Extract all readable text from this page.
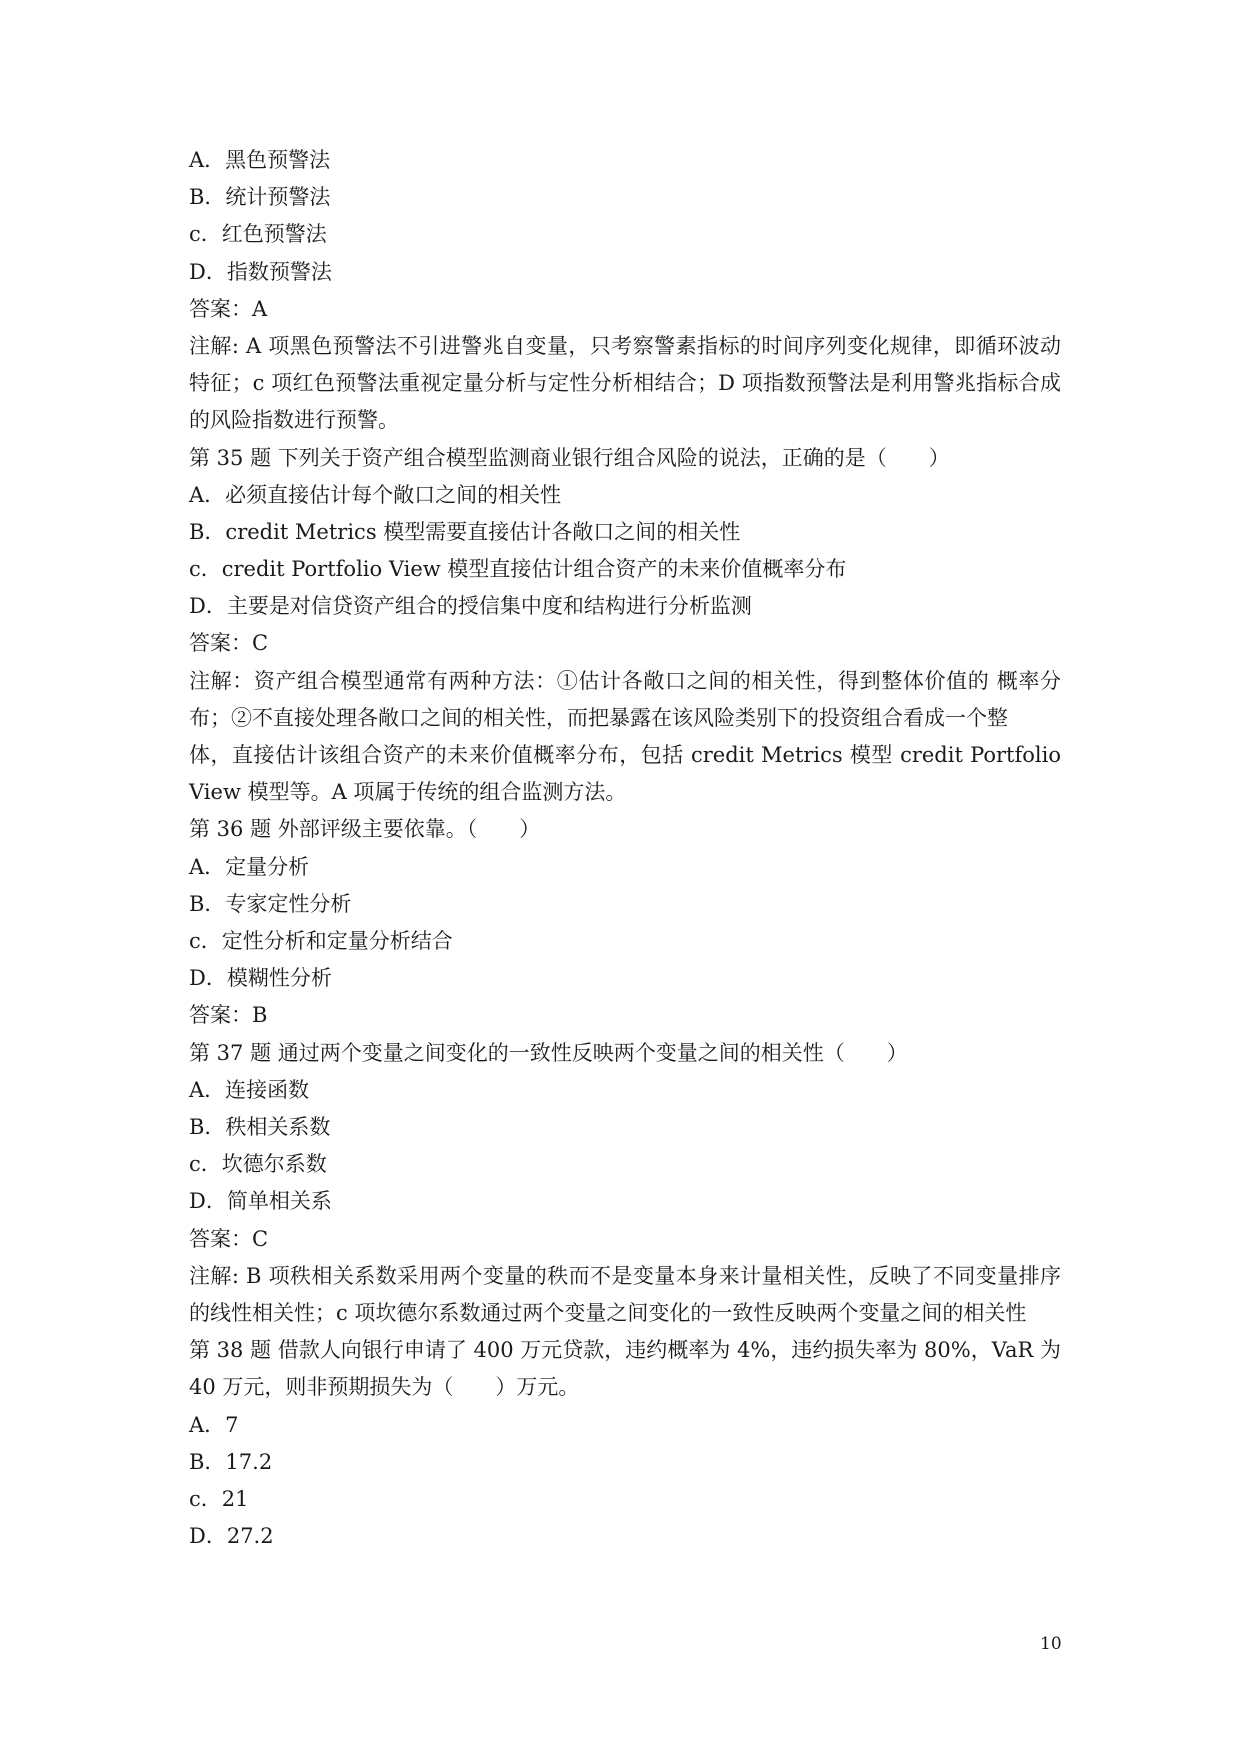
A．黑色预警法
B．统计预警法
c．红色预警法
D．指数预警法
答案：A
注解: A 项黑色预警法不引进警兆自变量，只考察警素指标的时间序列变化规律，即循环波动特征；c 项红色预警法重视定量分析与定性分析相结合；D 项指数预警法是利用警兆指标合成的风险指数进行预警。
第 35 题 下列关于资产组合模型监测商业银行组合风险的说法，正确的是（　　）
A．必须直接估计每个敞口之间的相关性
B．credit Metrics 模型需要直接估计各敞口之间的相关性
c．credit Portfolio View 模型直接估计组合资产的未来价值概率分布
D．主要是对信贷资产组合的授信集中度和结构进行分析监测
答案：C
注解：资产组合模型通常有两种方法：①估计各敞口之间的相关性，得到整体价值的 概率分布；②不直接处理各敞口之间的相关性，而把暴露在该风险类别下的投资组合看成一个整
体，直接估计该组合资产的未来价值概率分布，包括 credit Metrics 模型 credit Portfolio View 模型等。A 项属于传统的组合监测方法。
第 36 题 外部评级主要依靠。（　　）
A．定量分析
B．专家定性分析
c．定性分析和定量分析结合
D．模糊性分析
答案：B
第 37 题 通过两个变量之间变化的一致性反映两个变量之间的相关性（　　）
A．连接函数
B．秩相关系数
c．坎德尔系数
D．简单相关系
答案：C
注解: B 项秩相关系数采用两个变量的秩而不是变量本身来计量相关性，反映了不同变量排序的线性相关性；c 项坎德尔系数通过两个变量之间变化的一致性反映两个变量之间的相关性
第 38 题 借款人向银行申请了 400 万元贷款，违约概率为 4%，违约损失率为 80%，VaR 为 40 万元，则非预期损失为（　　）万元。
A．7
B．17.2
c．21
D．27.2
10
